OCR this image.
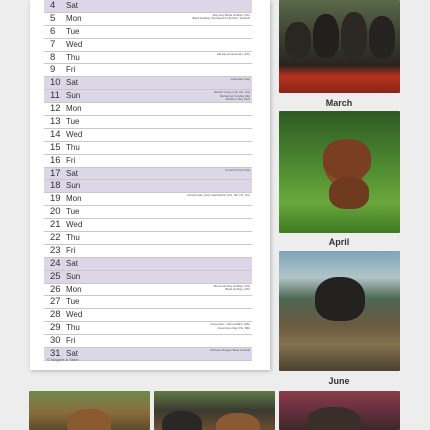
4 Sat
5 Mon	May Day Bank Holiday (UK)
Bank Holiday (Scotland & Northern Ireland)
6 Tue
7 Wed
8 Thu	VE day Anniversary (UK)
9 Fri
10 Sat	Liberation Day
11 Sun	Mother's Day (US, AU, CA)
Mothering Sunday (IE)
Mother's Day (NZ)
12 Mon
13 Tue
14 Wed
15 Thu
16 Fri
17 Sat	Armed Forces Day
18 Sun
19 Mon	Victoria Day (CA) Celebration (AU, NZ, NT, CA)
20 Tue
21 Wed
22 Thu
23 Fri
24 Sat
25 Sun
26 Mon	Memorial Day Holiday (US)
Bank Holiday (UK)
27 Tue
28 Wed
29 Thu	Ascension / Himmelfahrt (DE)
Ascension Day (NL, BE)
30 Fri
31 Sat	Chinese Dragon Boat Festival
© Magnet & Steel
March
April
June
